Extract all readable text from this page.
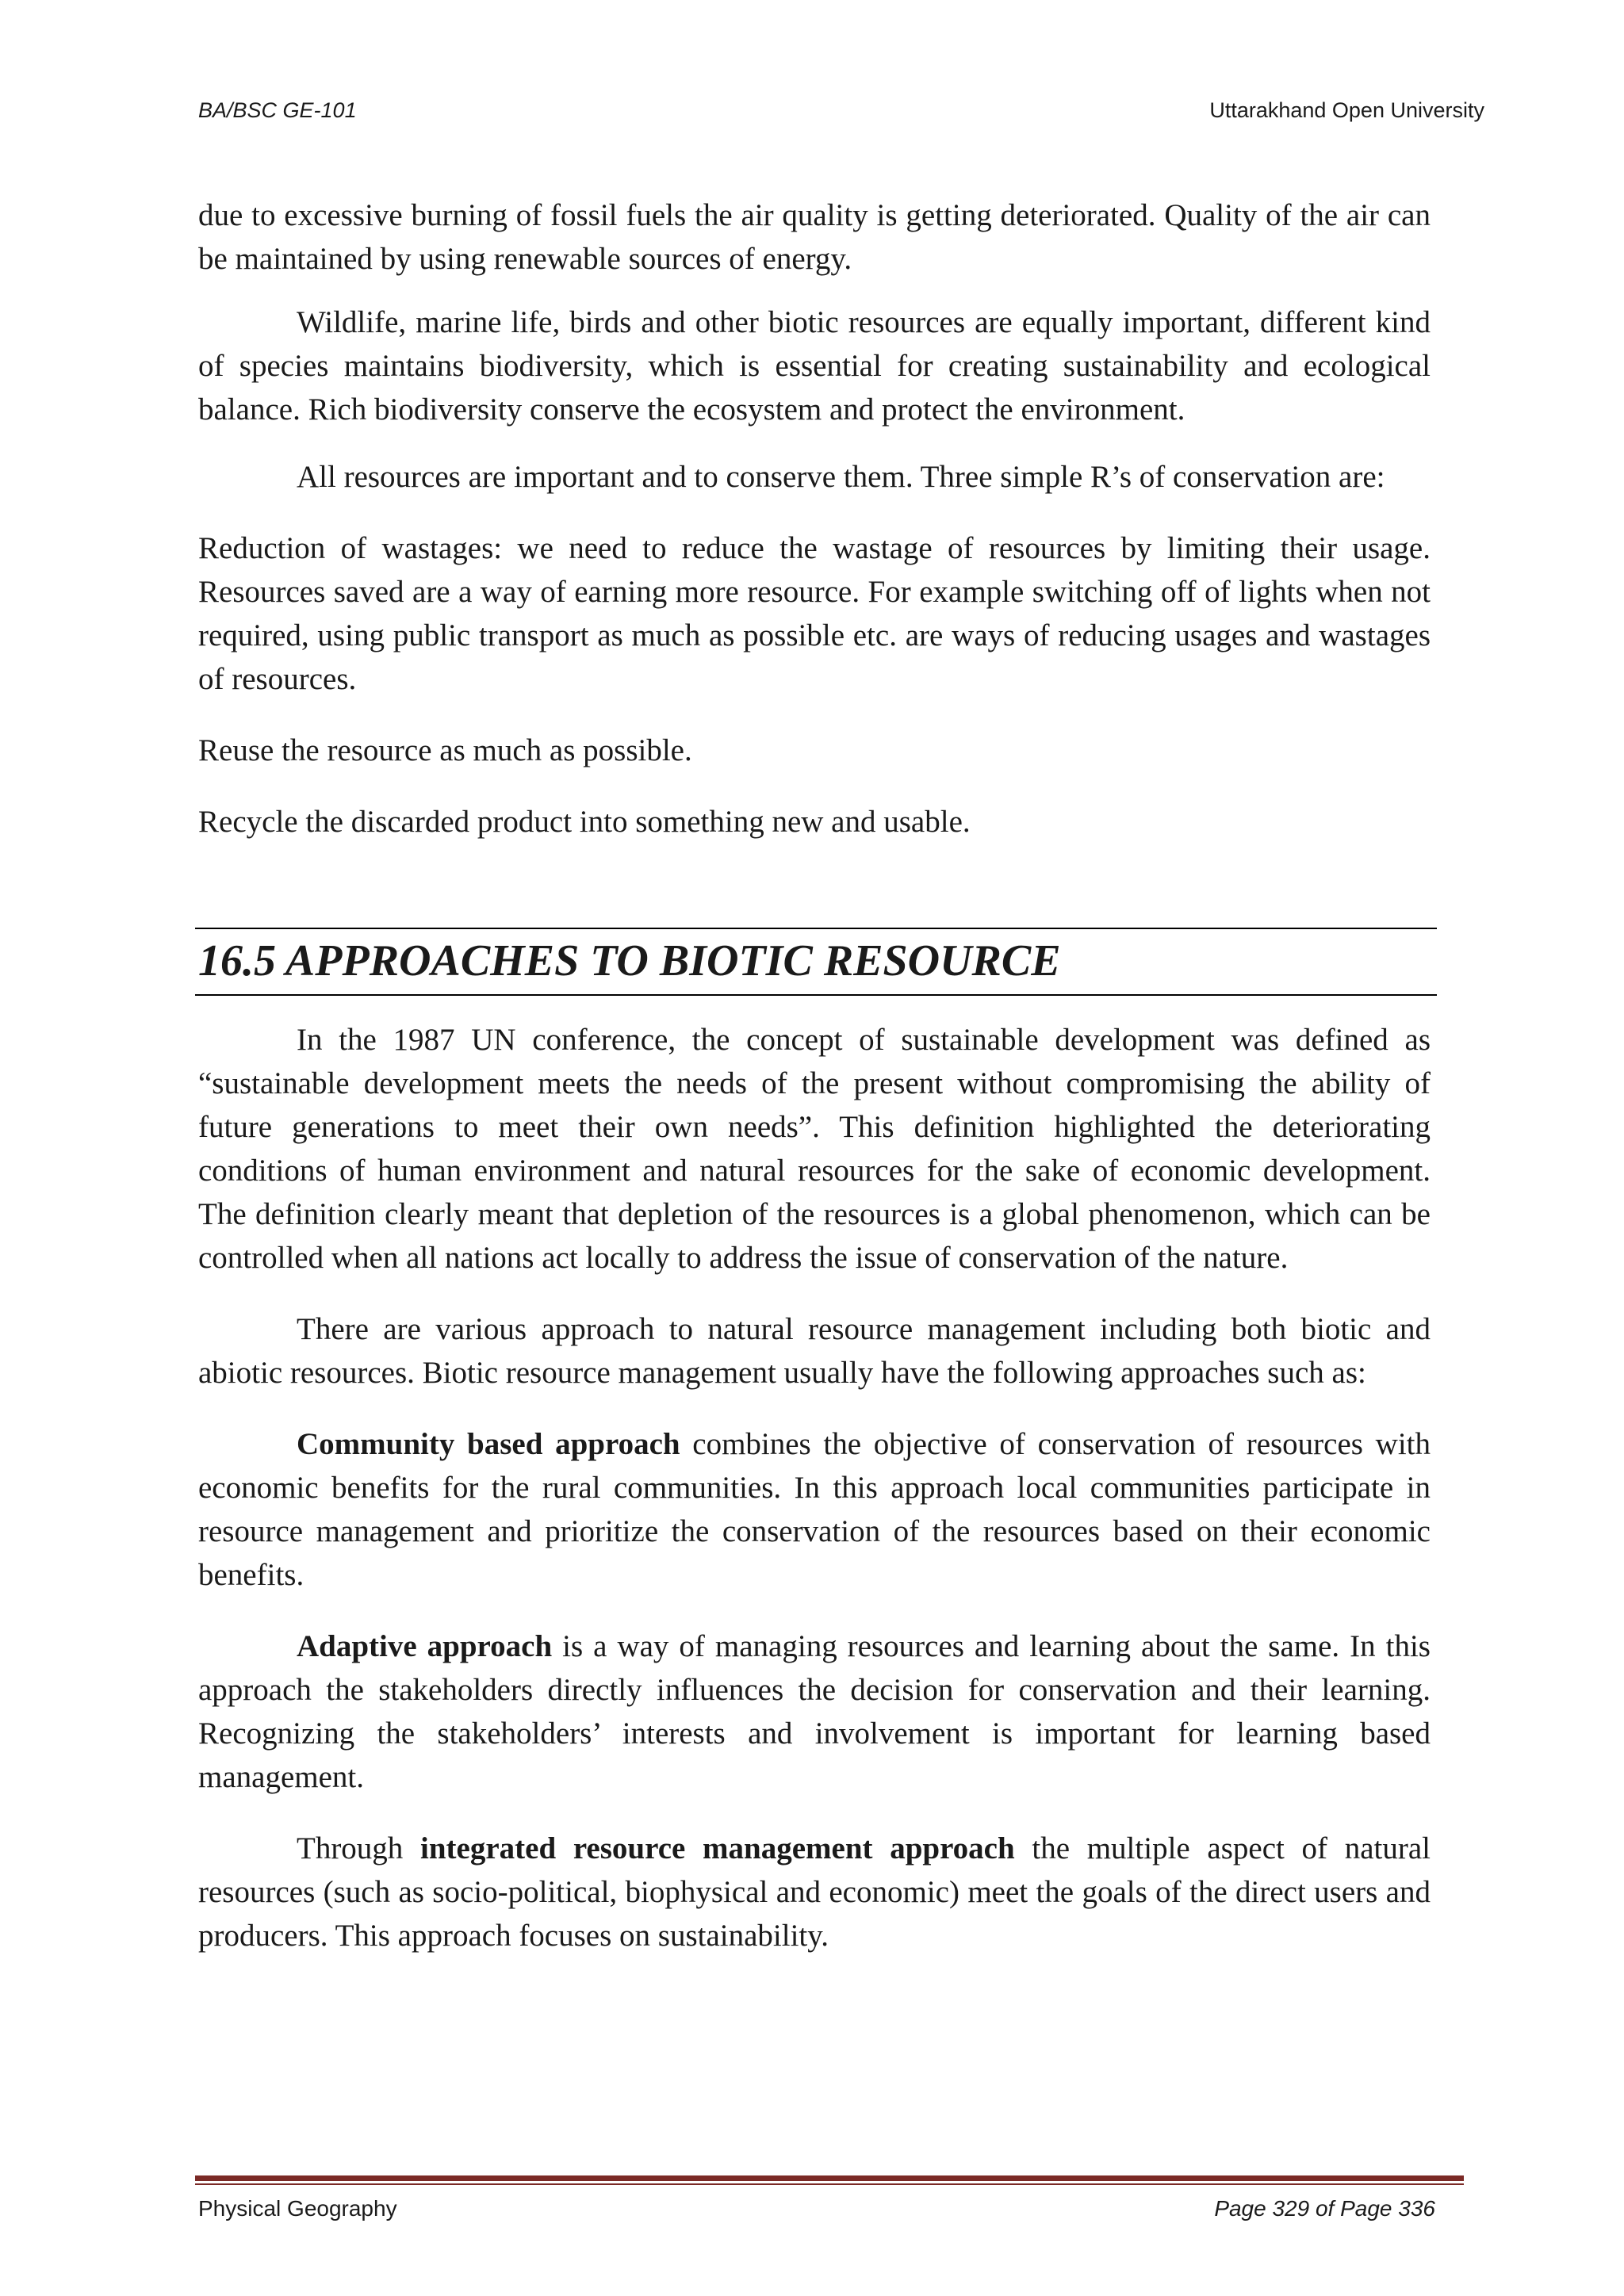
BA/BSC GE-101	Uttarakhand Open University

due to excessive burning of fossil fuels the air quality is getting deteriorated. Quality of the air can be maintained by using renewable sources of energy.

Wildlife, marine life, birds and other biotic resources are equally important, different kind of species maintains biodiversity, which is essential for creating sustainability and ecological balance. Rich biodiversity conserve the ecosystem and protect the environment.

All resources are important and to conserve them. Three simple R’s of conservation are:

Reduction of wastages: we need to reduce the wastage of resources by limiting their usage. Resources saved are a way of earning more resource. For example switching off of lights when not required, using public transport as much as possible etc. are ways of reducing usages and wastages of resources.

Reuse the resource as much as possible.

Recycle the discarded product into something new and usable.

16.5 APPROACHES TO BIOTIC RESOURCE

In the 1987 UN conference, the concept of sustainable development was defined as “sustainable development meets the needs of the present without compromising the ability of future generations to meet their own needs”. This definition highlighted the deteriorating conditions of human environment and natural resources for the sake of economic development. The definition clearly meant that depletion of the resources is a global phenomenon, which can be controlled when all nations act locally to address the issue of conservation of the nature.

There are various approach to natural resource management including both biotic and abiotic resources. Biotic resource management usually have the following approaches such as:

Community based approach combines the objective of conservation of resources with economic benefits for the rural communities. In this approach local communities participate in resource management and prioritize the conservation of the resources based on their economic benefits.

Adaptive approach is a way of managing resources and learning about the same. In this approach the stakeholders directly influences the decision for conservation and their learning. Recognizing the stakeholders’ interests and involvement is important for learning based management.

Through integrated resource management approach the multiple aspect of natural resources (such as socio-political, biophysical and economic) meet the goals of the direct users and producers. This approach focuses on sustainability.

Physical Geography	Page 329 of Page 336
